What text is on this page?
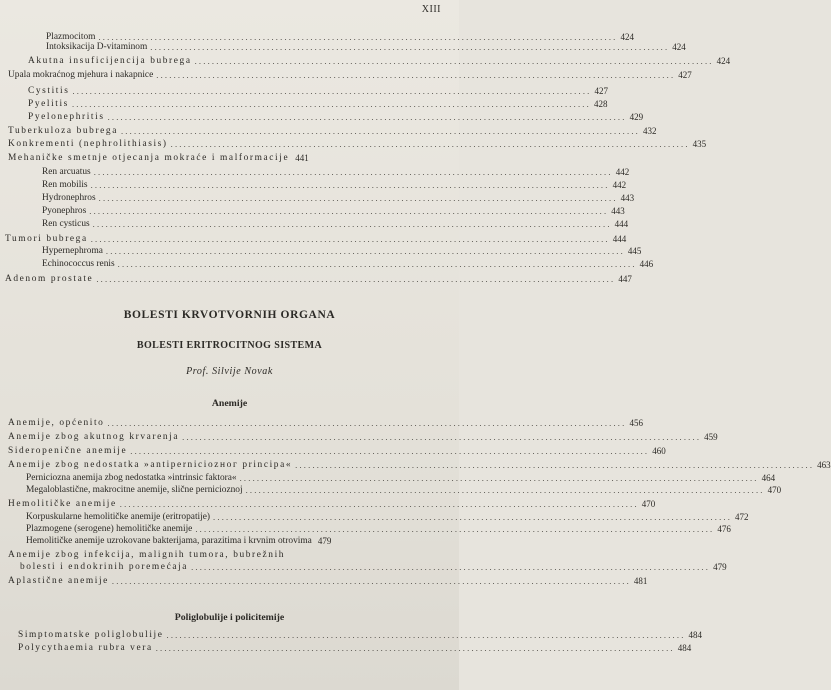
XIII
Plazmocitom ........................................................................................................................ 424
Intoksikacija D-vitaminom ........................................................................................................................ 424
Akutna insuficijencija bubrega ........................................................................................................................ 424
Upala mokraćnog mjehura i nakapnice ........................................................................................................................ 427
Cystitis ........................................................................................................................ 427
Pyelitis ........................................................................................................................ 428
Pyelonephritis ........................................................................................................................ 429
Tuberkuloza bubrega ........................................................................................................................ 432
Konkrementi (nephrolithiasis) ........................................................................................................................ 435
Mehaničke smetnje otjecanja mokraće i malformacije 441
Ren arcuatus ........................................................................................................................ 442
Ren mobilis ........................................................................................................................ 442
Hydronephros ........................................................................................................................ 443
Pyonephros ........................................................................................................................ 443
Ren cysticus ........................................................................................................................ 444
Tumori bubrega ........................................................................................................................ 444
Hypernephroma ........................................................................................................................ 445
Echinococcus renis ........................................................................................................................ 446
Adenom prostate ........................................................................................................................ 447
BOLESTI KRVOTVORNIH ORGANA
BOLESTI ERITROCITNOG SISTEMA
Prof. Silvije Novak
Anemije
Anemije, općenito ........................................................................................................................ 456
Anemije zbog akutnog krvarenja ........................................................................................................................ 459
Sideropenične anemije ........................................................................................................................ 460
Anemije zbog nedostatka »antiperniciozног principa« ........................................................................................................................ 463
Perniciozna anemija zbog nedostatka »intrinsic faktora« ........................................................................................................................ 464
Megaloblastične, makrocitne anemije, slične pernicioznoj ........................................................................................................................ 470
Hemolitičke anemije ........................................................................................................................ 470
Korpuskularne hemolitičke anemije (eritropatije) ........................................................................................................................ 472
Plazmogene (serogene) hemolitičke anemije ........................................................................................................................ 476
Hemolitičke anemije uzrokovane bakterijama, parazitima i krvnim otrovima 479
Anemije zbog infekcija, malignih tumora, bubrežnih
bolesti i endokrinih poremećaja ........................................................................................................................ 479
Aplastične anemije ........................................................................................................................ 481
Poliglobulije i policitemije
Simptomatske poliglobulije ........................................................................................................................ 484
Polycythaemia rubra vera ........................................................................................................................ 484
